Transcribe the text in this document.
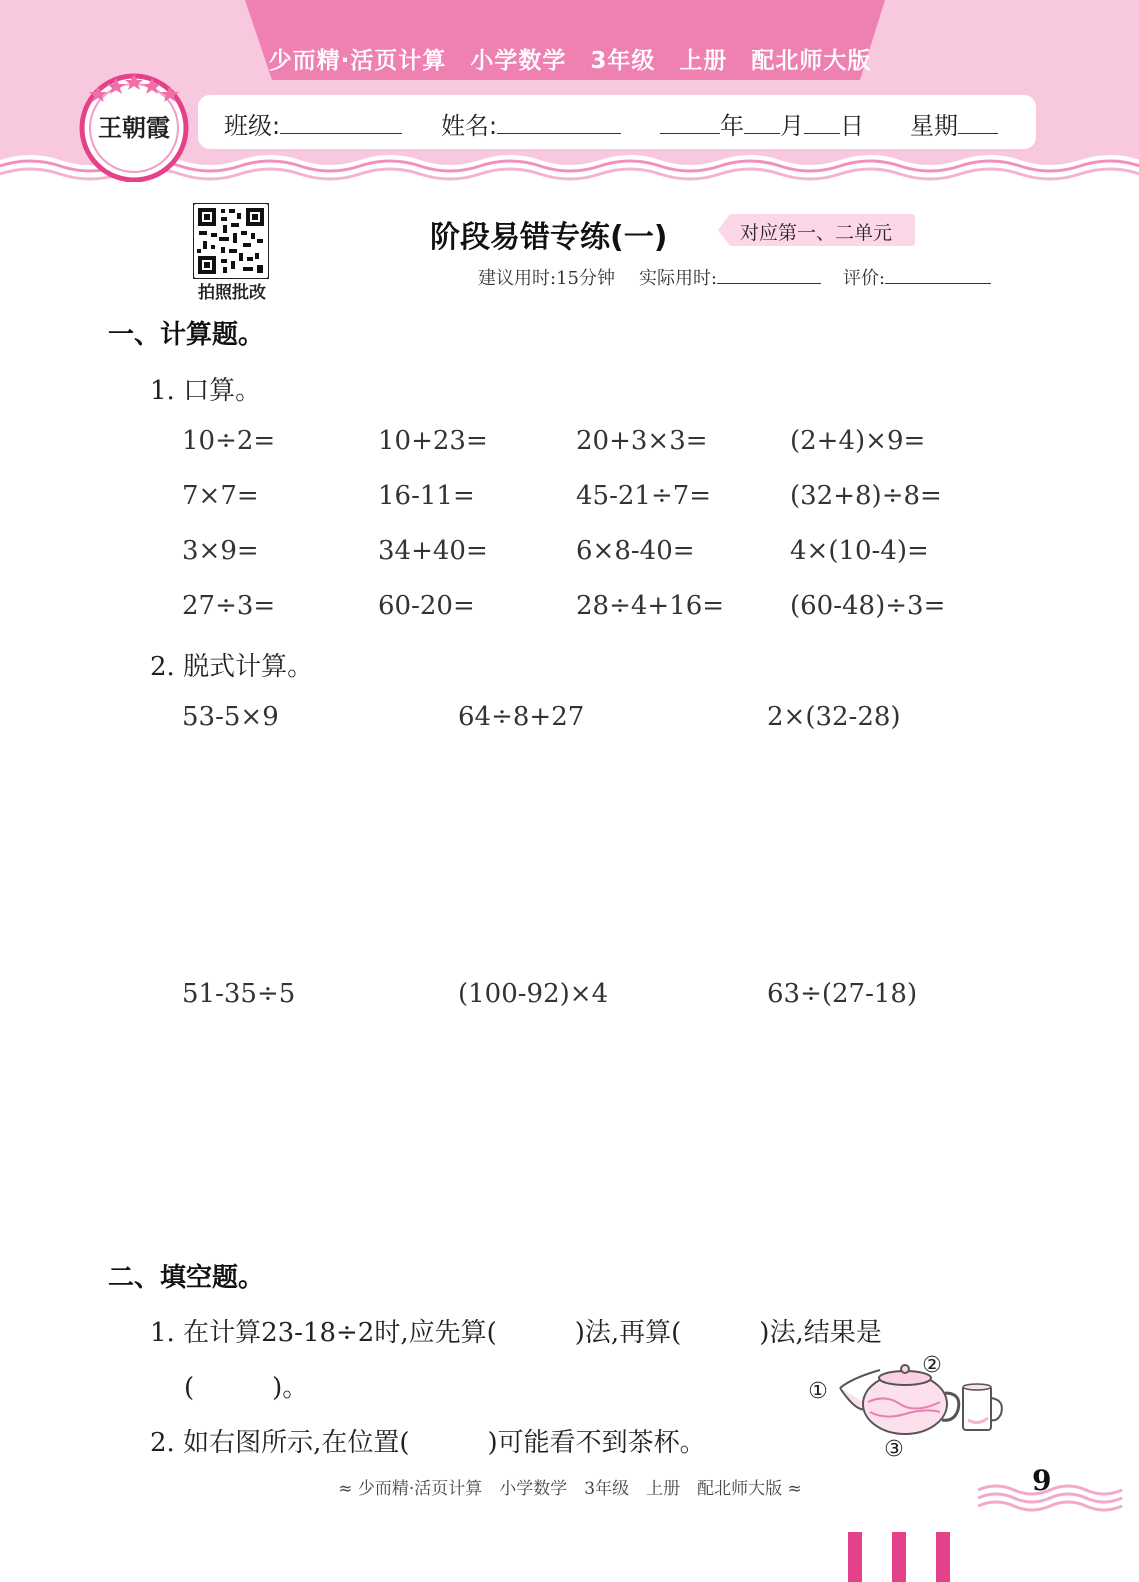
少而精·活页计算　小学数学　3年级　上册　配北师大版
班级:	姓名:	年 月 日 星期
王朝霞
拍照批改
阶段易错专练(一)	对应第一、二单元
建议用时:15分钟 实际用时:	评价:
一、计算题。
1. 口算。
10÷2=	10+23=	20+3×3=	(2+4)×9=
7×7=	16-11=	45-21÷7=	(32+8)÷8=
3×9=	34+40=	6×8-40=	4×(10-4)=
27÷3=	60-20=	28÷4+16=	(60-48)÷3=
2. 脱式计算。
53-5×9	64÷8+27	2×(32-28)
51-35÷5	(100-92)×4	63÷(27-18)
二、填空题。
1. 在计算23-18÷2时,应先算(　　　)法,再算(　　　)法,结果是
(　　　)。
2. 如右图所示,在位置(　　　)可能看不到茶杯。
①
②
③
≈ 少而精·活页计算　小学数学　3年级　上册　配北师大版 ≈	9
